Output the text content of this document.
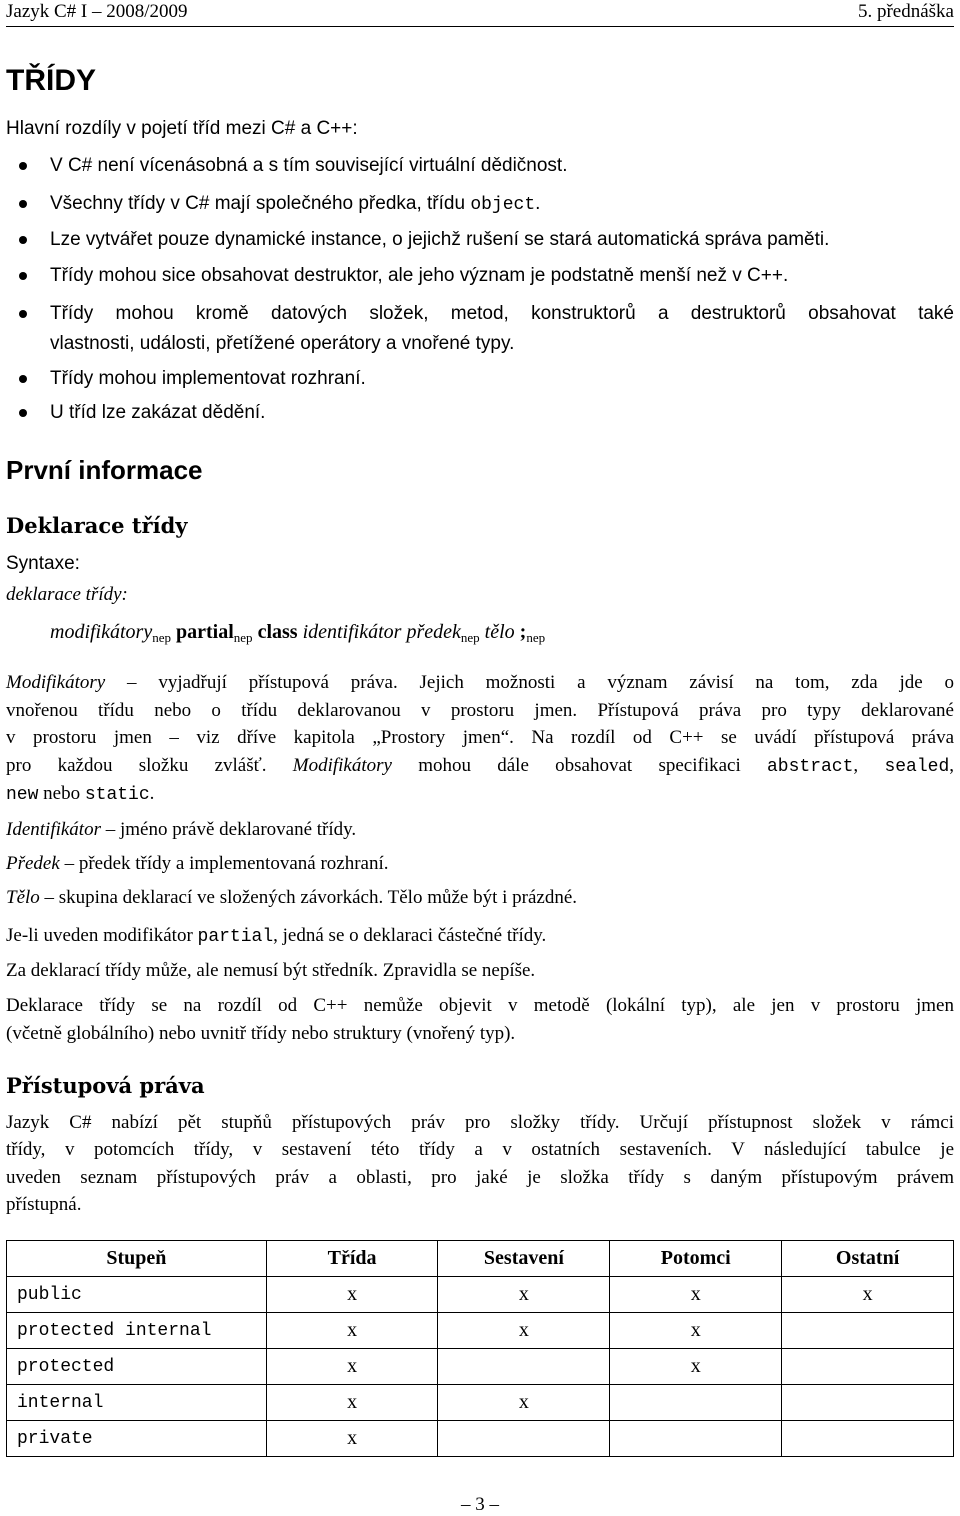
Jazyk C# I – 2008/2009	5. přednáška
TŘÍDY
Hlavní rozdíly v pojetí tříd mezi C# a C++:
V C# není vícenásobná a s tím související virtuální dědičnost.
Všechny třídy v C# mají společného předka, třídu object.
Lze vytvářet pouze dynamické instance, o jejichž rušení se stará automatická správa paměti.
Třídy mohou sice obsahovat destruktor, ale jeho význam je podstatně menší než v C++.
Třídy mohou kromě datových složek, metod, konstruktorů a destruktorů obsahovat také
vlastnosti, události, přetížené operátory a vnořené typy.
Třídy mohou implementovat rozhraní.
U tříd lze zakázat dědění.
První informace
Deklarace třídy
Syntaxe:
deklarace třídy:
modifikátory$_{nep}$ partial$_{nep}$ class identifikátor předek$_{nep}$ tělo $;_{nep}$
Modifikátory – vyjadřují přístupová práva. Jejich možnosti a význam závisí na tom, zda jde o
vnořenou třídu nebo o třídu deklarovanou v prostoru jmen. Přístupová práva pro typy deklarované
v prostoru jmen – viz dříve kapitola „Prostory jmen“. Na rozdíl od C++ se uvádí přístupová práva
pro každou složku zvlášť. Modifikátory mohou dále obsahovat specifikaci abstract, sealed,
new nebo static.
Identifikátor – jméno právě deklarované třídy.
Předek – předek třídy a implementovaná rozhraní.
Tělo – skupina deklarací ve složených závorkách. Tělo může být i prázdné.
Je-li uveden modifikátor partial, jedná se o deklaraci částečné třídy.
Za deklarací třídy může, ale nemusí být středník. Zpravidla se nepíše.
Deklarace třídy se na rozdíl od C++ nemůže objevit v metodě (lokální typ), ale jen v prostoru jmen
(včetně globálního) nebo uvnitř třídy nebo struktury (vnořený typ).
Přístupová práva
Jazyk C# nabízí pět stupňů přístupových práv pro složky třídy. Určují přístupnost složek v rámci
třídy, v potomcích třídy, v sestavení této třídy a v ostatních sestaveních. V následující tabulce je
uveden seznam přístupových práv a oblasti, pro jaké je složka třídy s daným přístupovým právem
přístupná.
Stupeň	Třída	Sestavení	Potomci	Ostatní
public	x	x	x	x
protected internal	x	x	x	
protected	x		x	
internal	x	x		
private	x			
– 3 –
